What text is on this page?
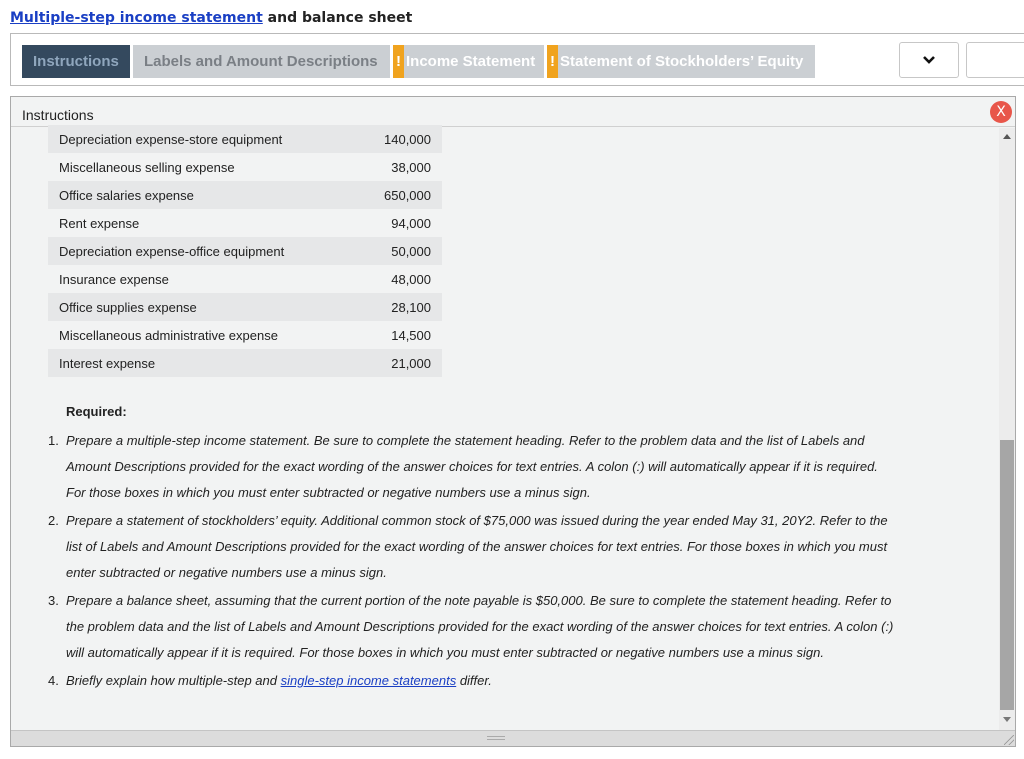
Multiple-step income statement and balance sheet
Instructions	Labels and Amount Descriptions	! Income Statement ! Statement of Stockholders’ Equity
Instructions	X
Depreciation expense-store equipment	140,000
Miscellaneous selling expense	38,000
Office salaries expense	650,000
Rent expense	94,000
Depreciation expense-office equipment	50,000
Insurance expense	48,000
Office supplies expense	28,100
Miscellaneous administrative expense	14,500
Interest expense	21,000
Required:
1. Prepare a multiple-step income statement. Be sure to complete the statement heading. Refer to the problem data and the list of Labels and Amount Descriptions provided for the exact wording of the answer choices for text entries. A colon (:) will automatically appear if it is required. For those boxes in which you must enter subtracted or negative numbers use a minus sign.
2. Prepare a statement of stockholders’ equity. Additional common stock of $75,000 was issued during the year ended May 31, 20Y2. Refer to the list of Labels and Amount Descriptions provided for the exact wording of the answer choices for text entries. For those boxes in which you must enter subtracted or negative numbers use a minus sign.
3. Prepare a balance sheet, assuming that the current portion of the note payable is $50,000. Be sure to complete the statement heading. Refer to the problem data and the list of Labels and Amount Descriptions provided for the exact wording of the answer choices for text entries. A colon (:) will automatically appear if it is required. For those boxes in which you must enter subtracted or negative numbers use a minus sign.
4. Briefly explain how multiple-step and single-step income statements differ.
